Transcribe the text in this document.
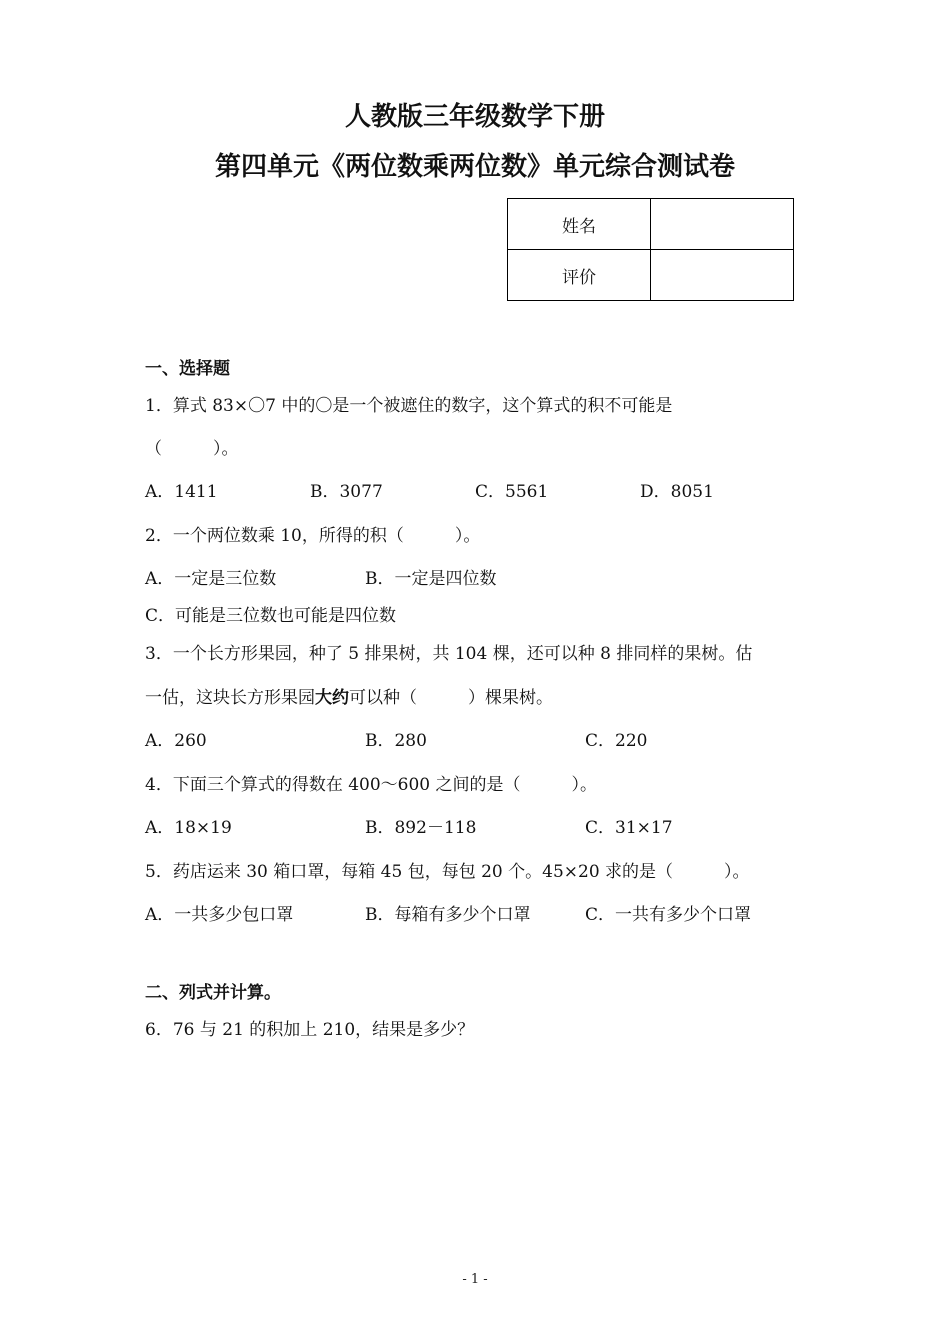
人教版三年级数学下册
第四单元《两位数乘两位数》单元综合测试卷
姓名	
评价	
一、选择题
1．算式 83×〇7 中的〇是一个被遮住的数字，这个算式的积不可能是
（　　　）。
A．1411	B．3077	C．5561	D．8051
2．一个两位数乘 10，所得的积（　　　）。
A．一定是三位数	B．一定是四位数
C．可能是三位数也可能是四位数
3．一个长方形果园，种了 5 排果树，共 104 棵，还可以种 8 排同样的果树。估
一估，这块长方形果园大约可以种（　　　）棵果树。
A．260	B．280	C．220
4．下面三个算式的得数在 400～600 之间的是（　　　）。
A．18×19	B．892－118	C．31×17
5．药店运来 30 箱口罩，每箱 45 包，每包 20 个。45×20 求的是（　　　）。
A．一共多少包口罩	B．每箱有多少个口罩	C．一共有多少个口罩
二、列式并计算。
6．76 与 21 的积加上 210，结果是多少？
- 1 -
